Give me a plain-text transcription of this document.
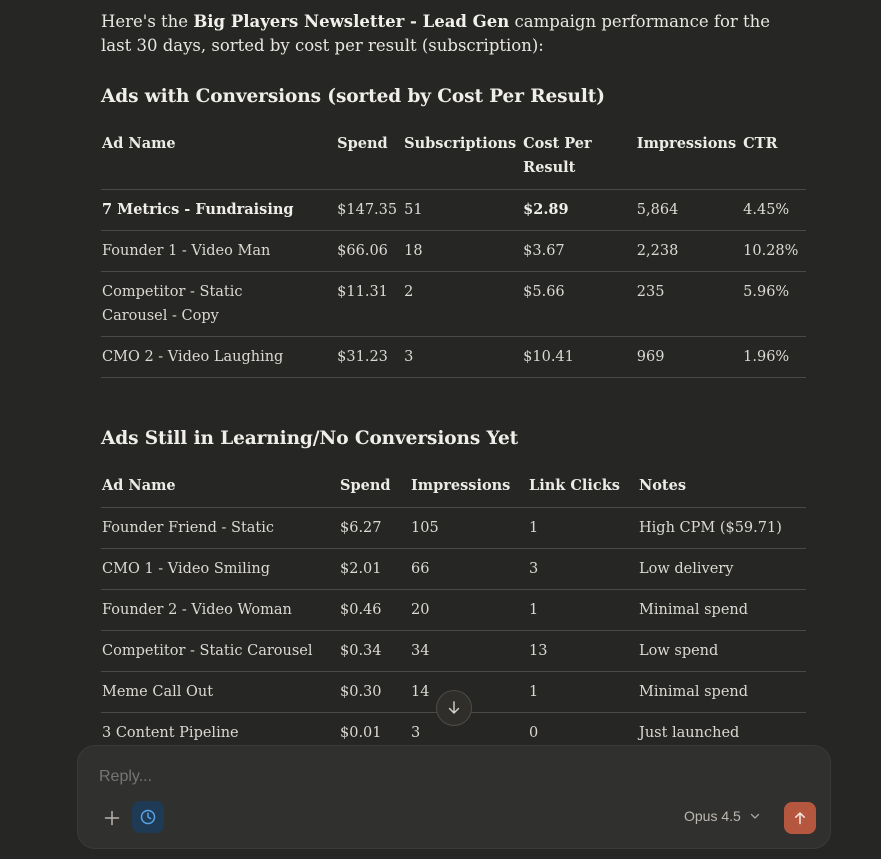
Here's the Big Players Newsletter - Lead Gen campaign performance for the last 30 days, sorted by cost per result (subscription):

Ads with Conversions (sorted by Cost Per Result)
Ad Name	Spend	Subscriptions	Cost Per Result	Impressions	CTR
7 Metrics - Fundraising	$147.35	51	$2.89	5,864	4.45%
Founder 1 - Video Man	$66.06	18	$3.67	2,238	10.28%
Competitor - Static Carousel - Copy	$11.31	2	$5.66	235	5.96%
CMO 2 - Video Laughing	$31.23	3	$10.41	969	1.96%
Ads Still in Learning/No Conversions Yet
Ad Name	Spend	Impressions	Link Clicks	Notes
Founder Friend - Static	$6.27	105	1	High CPM ($59.71)
CMO 1 - Video Smiling	$2.01	66	3	Low delivery
Founder 2 - Video Woman	$0.46	20	1	Minimal spend
Competitor - Static Carousel	$0.34	34	13	Low spend
Meme Call Out	$0.30	14	1	Minimal spend
3 Content Pipeline	$0.01	3	0	Just launched
Reply...
Opus 4.5
